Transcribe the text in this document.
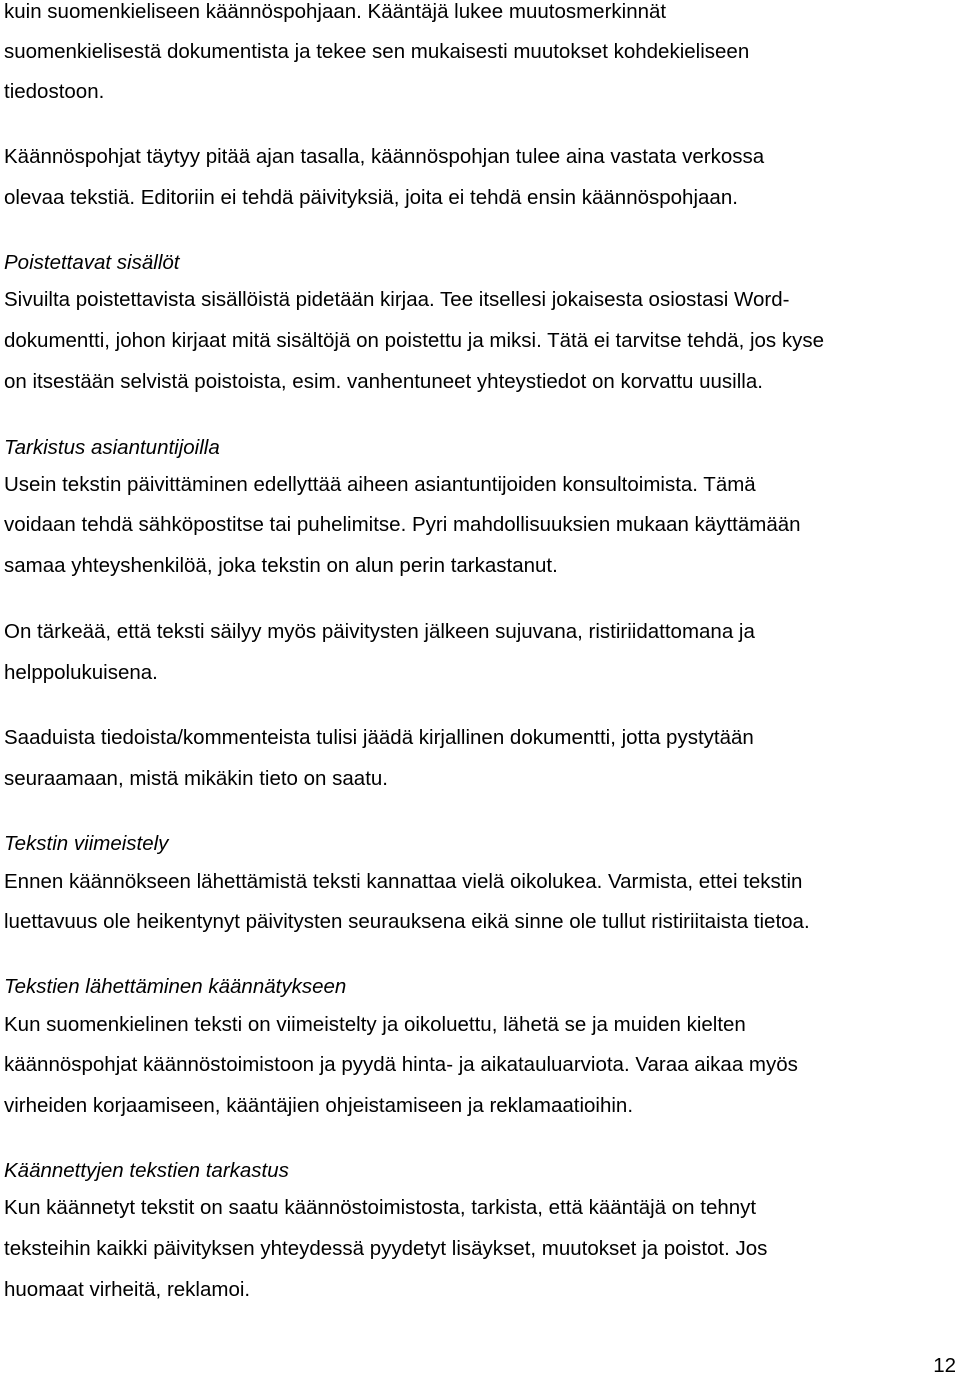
kuin suomenkieliseen käännöspohjaan. Kääntäjä lukee muutosmerkinnät
suomenkielisestä dokumentista ja tekee sen mukaisesti muutokset kohdekieliseen
tiedostoon.
Käännöspohjat täytyy pitää ajan tasalla, käännöspohjan tulee aina vastata verkossa
olevaa tekstiä. Editoriin ei tehdä päivityksiä, joita ei tehdä ensin käännöspohjaan.
Poistettavat sisällöt
Sivuilta poistettavista sisällöistä pidetään kirjaa. Tee itsellesi jokaisesta osiostasi Word-
dokumentti, johon kirjaat mitä sisältöjä on poistettu ja miksi. Tätä ei tarvitse tehdä, jos kyse
on itsestään selvistä poistoista, esim. vanhentuneet yhteystiedot on korvattu uusilla.
Tarkistus asiantuntijoilla
Usein tekstin päivittäminen edellyttää aiheen asiantuntijoiden konsultoimista. Tämä
voidaan tehdä sähköpostitse tai puhelimitse. Pyri mahdollisuuksien mukaan käyttämään
samaa yhteyshenkilöä, joka tekstin on alun perin tarkastanut.
On tärkeää, että teksti säilyy myös päivitysten jälkeen sujuvana, ristiriidattomana ja
helppolukuisena.
Saaduista tiedoista/kommenteista tulisi jäädä kirjallinen dokumentti, jotta pystytään
seuraamaan, mistä mikäkin tieto on saatu.
Tekstin viimeistely
Ennen käännökseen lähettämistä teksti kannattaa vielä oikolukea. Varmista, ettei tekstin
luettavuus ole heikentynyt päivitysten seurauksena eikä sinne ole tullut ristiriitaista tietoa.
Tekstien lähettäminen käännätykseen
Kun suomenkielinen teksti on viimeistelty ja oikoluettu, lähetä se ja muiden kielten
käännöspohjat käännöstoimistoon ja pyydä hinta- ja aikatauluarviota. Varaa aikaa myös
virheiden korjaamiseen, kääntäjien ohjeistamiseen ja reklamaatioihin.
Käännettyjen tekstien tarkastus
Kun käännetyt tekstit on saatu käännöstoimistosta, tarkista, että kääntäjä on tehnyt
teksteihin kaikki päivityksen yhteydessä pyydetyt lisäykset, muutokset ja poistot. Jos
huomaat virheitä, reklamoi.
12
